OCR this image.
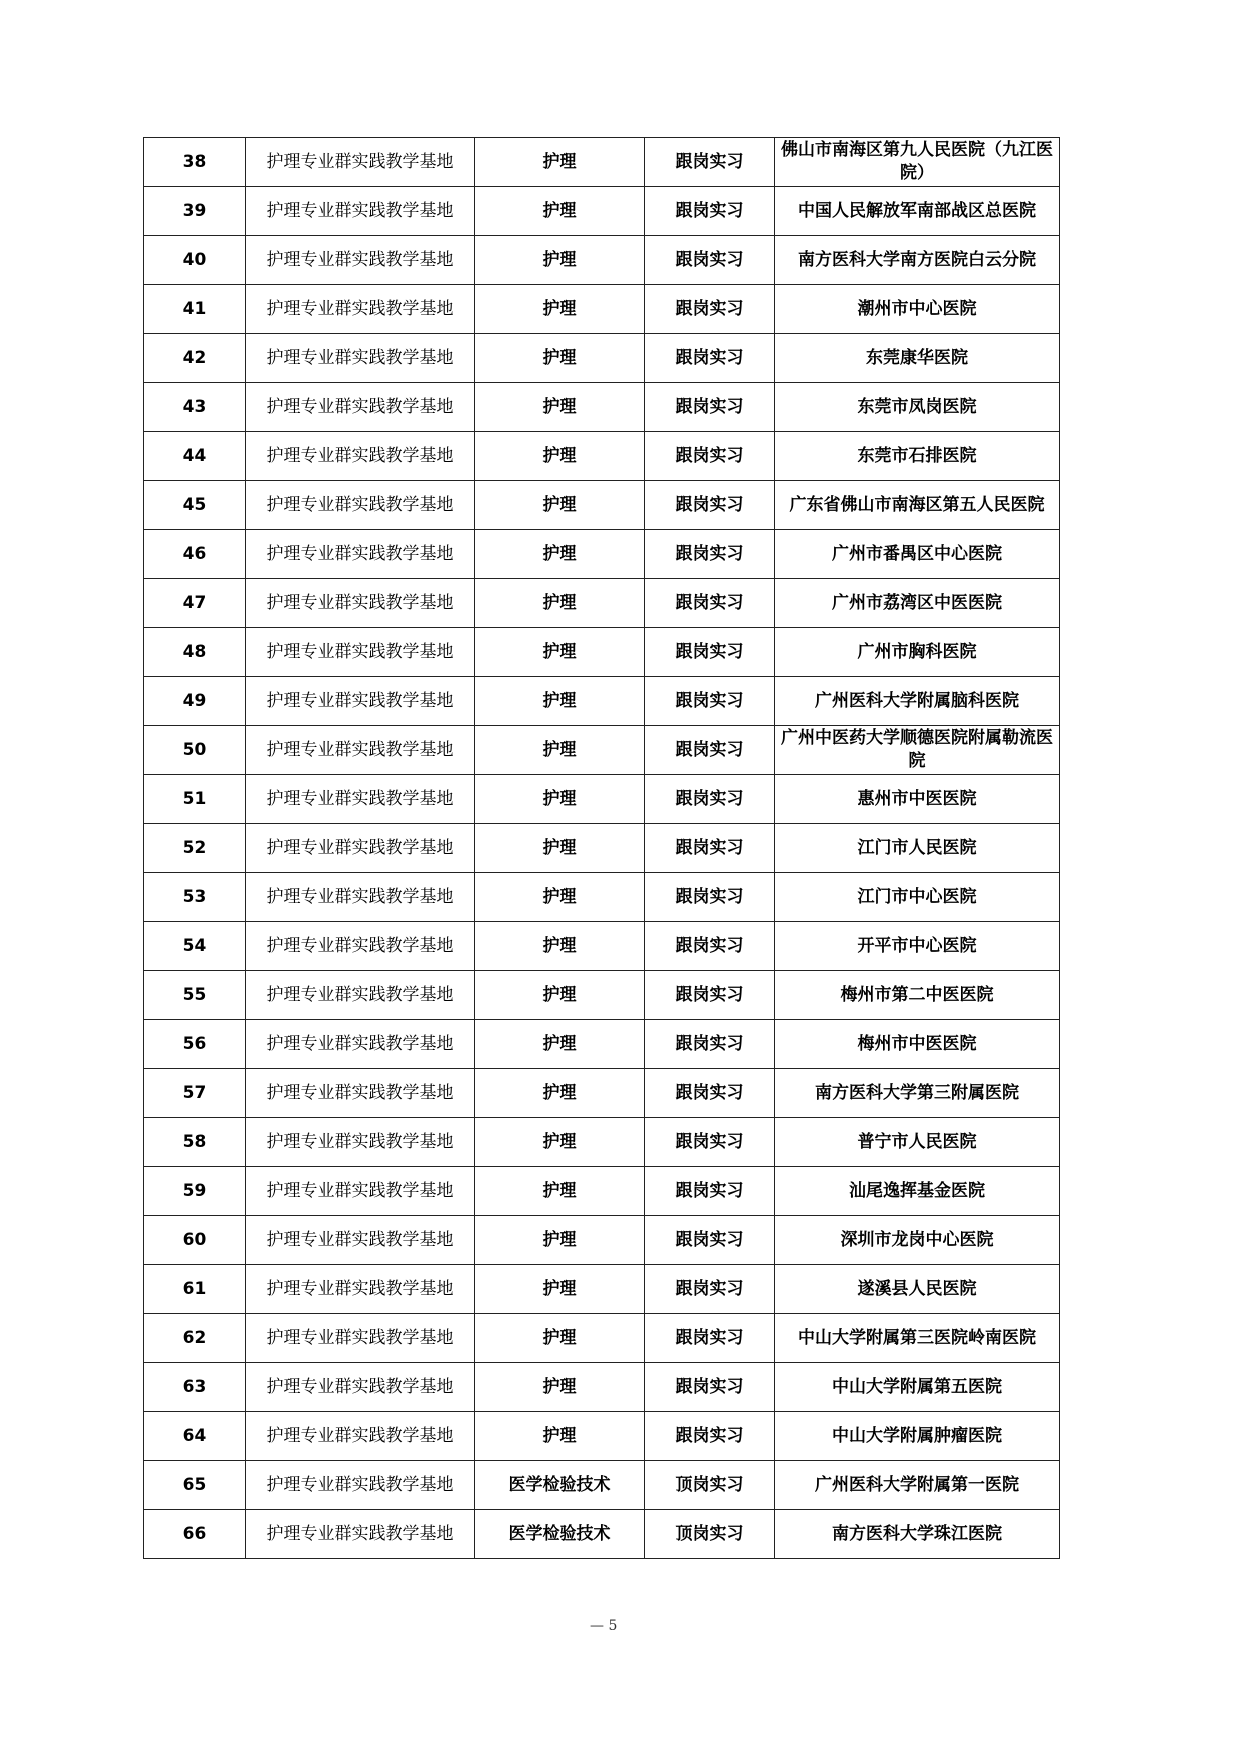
38	护理专业群实践教学基地	护理	跟岗实习	佛山市南海区第九人民医院（九江医院）
39	护理专业群实践教学基地	护理	跟岗实习	中国人民解放军南部战区总医院
40	护理专业群实践教学基地	护理	跟岗实习	南方医科大学南方医院白云分院
41	护理专业群实践教学基地	护理	跟岗实习	潮州市中心医院
42	护理专业群实践教学基地	护理	跟岗实习	东莞康华医院
43	护理专业群实践教学基地	护理	跟岗实习	东莞市凤岗医院
44	护理专业群实践教学基地	护理	跟岗实习	东莞市石排医院
45	护理专业群实践教学基地	护理	跟岗实习	广东省佛山市南海区第五人民医院
46	护理专业群实践教学基地	护理	跟岗实习	广州市番禺区中心医院
47	护理专业群实践教学基地	护理	跟岗实习	广州市荔湾区中医医院
48	护理专业群实践教学基地	护理	跟岗实习	广州市胸科医院
49	护理专业群实践教学基地	护理	跟岗实习	广州医科大学附属脑科医院
50	护理专业群实践教学基地	护理	跟岗实习	广州中医药大学顺德医院附属勒流医院
51	护理专业群实践教学基地	护理	跟岗实习	惠州市中医医院
52	护理专业群实践教学基地	护理	跟岗实习	江门市人民医院
53	护理专业群实践教学基地	护理	跟岗实习	江门市中心医院
54	护理专业群实践教学基地	护理	跟岗实习	开平市中心医院
55	护理专业群实践教学基地	护理	跟岗实习	梅州市第二中医医院
56	护理专业群实践教学基地	护理	跟岗实习	梅州市中医医院
57	护理专业群实践教学基地	护理	跟岗实习	南方医科大学第三附属医院
58	护理专业群实践教学基地	护理	跟岗实习	普宁市人民医院
59	护理专业群实践教学基地	护理	跟岗实习	汕尾逸挥基金医院
60	护理专业群实践教学基地	护理	跟岗实习	深圳市龙岗中心医院
61	护理专业群实践教学基地	护理	跟岗实习	遂溪县人民医院
62	护理专业群实践教学基地	护理	跟岗实习	中山大学附属第三医院岭南医院
63	护理专业群实践教学基地	护理	跟岗实习	中山大学附属第五医院
64	护理专业群实践教学基地	护理	跟岗实习	中山大学附属肿瘤医院
65	护理专业群实践教学基地	医学检验技术	顶岗实习	广州医科大学附属第一医院
66	护理专业群实践教学基地	医学检验技术	顶岗实习	南方医科大学珠江医院
— 5
